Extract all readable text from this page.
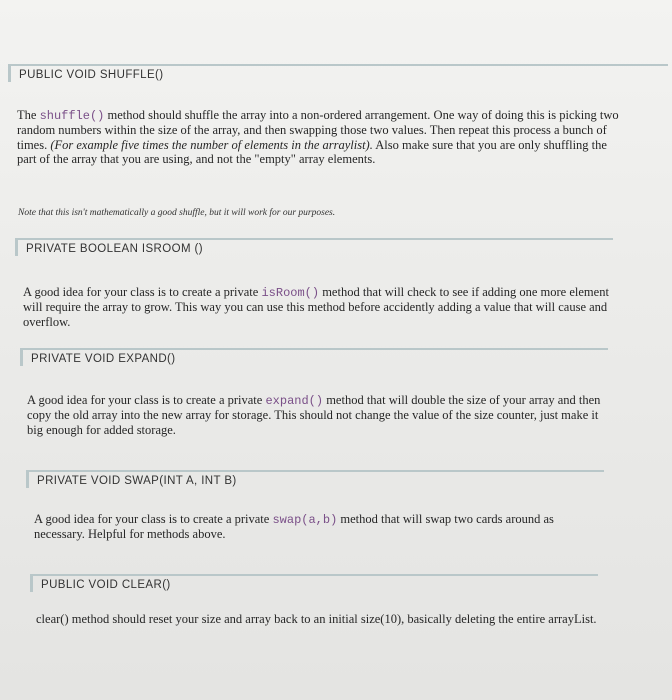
PUBLIC VOID SHUFFLE()

The shuffle() method should shuffle the array into a non-ordered arrangement. One way of doing this is picking two random numbers within the size of the array, and then swapping those two values. Then repeat this process a bunch of times. (For example five times the number of elements in the arraylist). Also make sure that you are only shuffling the part of the array that you are using, and not the "empty" array elements.

Note that this isn't mathematically a good shuffle, but it will work for our purposes.
PRIVATE BOOLEAN ISROOM ()

A good idea for your class is to create a private isRoom() method that will check to see if adding one more element will require the array to grow. This way you can use this method before accidently adding a value that will cause and overflow.

PRIVATE VOID EXPAND()

A good idea for your class is to create a private expand() method that will double the size of your array and then copy the old array into the new array for storage. This should not change the value of the size counter, just make it big enough for added storage.

PRIVATE VOID SWAP(INT A, INT B)

A good idea for your class is to create a private swap(a,b) method that will swap two cards around as necessary. Helpful for methods above.

PUBLIC VOID CLEAR()

clear() method should reset your size and array back to an initial size(10), basically deleting the entire arrayList.
